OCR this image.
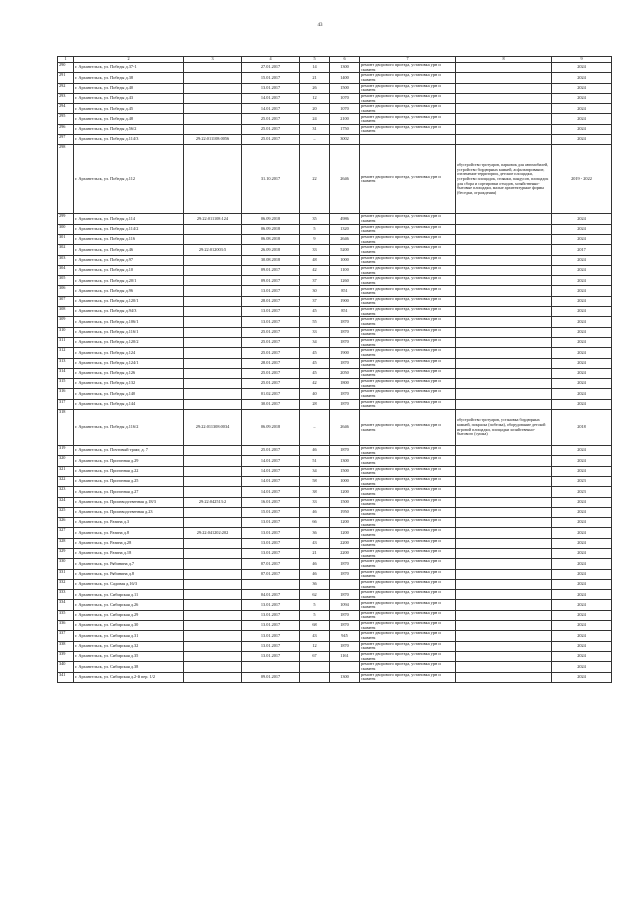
43
1	2	3	4	5	6	7	8	9
290	г. Архангельск, ул. Победы д.37-1		27.01.2017	14	1300	ремонт дворового проезда, установка урн и скамеек		2024
291	г. Архангельск, ул. Победы д.38		15.01.2017	21	1400	ремонт дворового проезда, установка урн и скамеек		2024
292	г. Архангельск, ул. Победы д.40		13.01.2017	26	1500	ремонт дворового проезда, установка урн и скамеек		2024
293	г. Архангельск, ул. Победы д.43		14.01.2017	12	1070	ремонт дворового проезда, установка урн и скамеек		2024
294	г. Архангельск, ул. Победы д.45		14.01.2017	20	1070	ремонт дворового проезда, установка урн и скамеек		2024
295	г. Архангельск, ул. Победы д.48		25.01.2017	24	2100	ремонт дворового проезда, установка урн и скамеек		2024
296	г. Архангельск, ул. Победы д.56/2		25.01.2017	31	1750	ремонт дворового проезда, установка урн и скамеек		2024
297	г. Архангельск, ул. Победы д.114/3	29:22:011108:0056	25.01.2017	–	3002			2024
298	г. Архангельск, ул. Победы д.112		31.10.2017	22	2646	ремонт дворового проезда, установка урн и скамеек	обустройство тротуаров, парковок для автомобилей, устройство бордюрных камней, асфальтирование, озеленение территории, детские площадки, устройство площадок, стоянки, пандусов, площадок для сбора и сортировки отходов, хозяйственно-бытовые площадки, малые архитектурные формы (беседки, ограждения)	2019 - 2022
299	г. Архангельск, ул. Победы д.114	29:22:011108:124	06.09.2018	35	4986	ремонт дворового проезда, установка урн и скамеек		2024
300	г. Архангельск, ул. Победы д.114/2		06.09.2018	5	1320	ремонт дворового проезда, установка урн и скамеек		2024
301	г. Архангельск, ул. Победы д.116		06.08.2018	9	2646	ремонт дворового проезда, установка урн и скамеек		2024
302	г. Архангельск, ул. Победы д.46	29:22:012003:5	26.09.2018	33	5200	ремонт дворового проезда, установка урн и скамеек		2017
303	г. Архангельск, ул. Победы д.97		30.08.2018	48	1000	ремонт дворового проезда, установка урн и скамеек		2024
304	г. Архангельск, ул. Победы д.10		09.01.2017	42	1100	ремонт дворового проезда, установка урн и скамеек		2024
305	г. Архангельск, ул. Победы д.20/1		09.01.2017	37	1260	ремонт дворового проезда, установка урн и скамеек		2024
306	г. Архангельск, ул. Победы д.96		13.01.2017	30	851	ремонт дворового проезда, установка урн и скамеек		2024
307	г. Архангельск, ул. Победы д.120/1		28.01.2017	37	1900	ремонт дворового проезда, установка урн и скамеек		2024
308	г. Архангельск, ул. Победы д.94/3		13.01.2017	45	851	ремонт дворового проезда, установка урн и скамеек		2024
309	г. Архангельск, ул. Победы д.106/1		13.01.2017	55	1870	ремонт дворового проезда, установка урн и скамеек		2024
310	г. Архангельск, ул. Победы д.116/1		25.01.2017	33	1870	ремонт дворового проезда, установка урн и скамеек		2024
311	г. Архангельск, ул. Победы д.120/2		25.01.2017	34	1870	ремонт дворового проезда, установка урн и скамеек		2024
312	г. Архангельск, ул. Победы д.124		25.01.2017	45	1900	ремонт дворового проезда, установка урн и скамеек		2024
313	г. Архангельск, ул. Победы д.124/1		28.01.2017	45	1870	ремонт дворового проезда, установка урн и скамеек		2024
314	г. Архангельск, ул. Победы д.126		25.01.2017	45	2050	ремонт дворового проезда, установка урн и скамеек		2024
315	г. Архангельск, ул. Победы д.132		25.01.2017	42	1800	ремонт дворового проезда, установка урн и скамеек		2024
316	г. Архангельск, ул. Победы д.140		01.02.2017	40	1870	ремонт дворового проезда, установка урн и скамеек		2024
317	г. Архангельск, ул. Победы д.144		30.01.2017	28	1870	ремонт дворового проезда, установка урн и скамеек		2024
318	г. Архангельск, ул. Победы д.116/2	29:22:011308:0034	06.09.2018	–	2646	ремонт дворового проезда, установка урн и скамеек	обустройство тротуаров, установка бордюрных камней, покраска (побелка), оборудование детской игровой площадки, площадки хозяйственно-бытового (сушка)	2018
319	г. Архангельск, ул. Почтовый тракт, д. 7		25.01.2017	46	1870	ремонт дворового проезда, установка урн и скамеек		2024
320	г. Архангельск, ул. Прогонная д.29		14.01.2017	51	1300	ремонт дворового проезда, установка урн и скамеек		2024
321	г. Архангельск, ул. Прогонная д.22		14.01.2017	34	1500	ремонт дворового проезда, установка урн и скамеек		2024
322	г. Архангельск, ул. Прогонная д.25		14.01.2017	58	1000	ремонт дворового проезда, установка урн и скамеек		2023
323	г. Архангельск, ул. Прогонная д.27		14.01.2017	38	1200	ремонт дворового проезда, установка урн и скамеек		2023
324	г. Архангельск, ул. Производственная д.18/3	29:22:042513:2	16.01.2017	33	1500	ремонт дворового проезда, установка урн и скамеек		2024
325	г. Архангельск, ул. Производственная д.23		15.01.2017	46	1950	ремонт дворового проезда, установка урн и скамеек		2024
326	г. Архангельск, ул. Разина д.3		13.01.2017	66	1200	ремонт дворового проезда, установка урн и скамеек		2024
327	г. Архангельск, ул. Разина д.8	29:22:041202:202	13.01.2017	36	1200	ремонт дворового проезда, установка урн и скамеек		2024
328	г. Архангельск, ул. Разина д.28		13.01.2017	43	2200	ремонт дворового проезда, установка урн и скамеек		2024
329	г. Архангельск, ул. Разина д.18		13.01.2017	21	2200	ремонт дворового проезда, установка урн и скамеек		2024
330	г. Архангельск, ул. Рябинина д.7		07.01.2017	46	1870	ремонт дворового проезда, установка урн и скамеек		2024
331	г. Архангельск, ул. Рябинина д.8		07.01.2017	46	1870	ремонт дворового проезда, установка урн и скамеек		2024
332	г. Архангельск, ул. Садовая д.16/3			36		ремонт дворового проезда, установка урн и скамеек		2024
333	г. Архангельск, ул. Сибирская д.11		04.01.2017	62	1870	ремонт дворового проезда, установка урн и скамеек		2024
334	г. Архангельск, ул. Сибирская д.26		13.01.2017	5	1094	ремонт дворового проезда, установка урн и скамеек		2024
335	г. Архангельск, ул. Сибирская д.29		13.01.2017	5	1870	ремонт дворового проезда, установка урн и скамеек		2024
336	г. Архангельск, ул. Сибирская д.30		13.01.2017	68	1870	ремонт дворового проезда, установка урн и скамеек		2024
337	г. Архангельск, ул. Сибирская д.31		13.01.2017	43	945	ремонт дворового проезда, установка урн и скамеек		2024
338	г. Архангельск, ул. Сибирская д.32		13.01.2017	12	1870	ремонт дворового проезда, установка урн и скамеек		2024
339	г. Архангельск, ул. Сибирская д.35		13.01.2017	67	1161	ремонт дворового проезда, установка урн и скамеек		2024
340	г. Архангельск, ул. Сибирская д.38					ремонт дворового проезда, установка урн и скамеек		2024
341	г. Архангельск, ул. Сибирская д.2-й пер. 1/2		09.01.2017		1300	ремонт дворового проезда, установка урн и скамеек		2024
